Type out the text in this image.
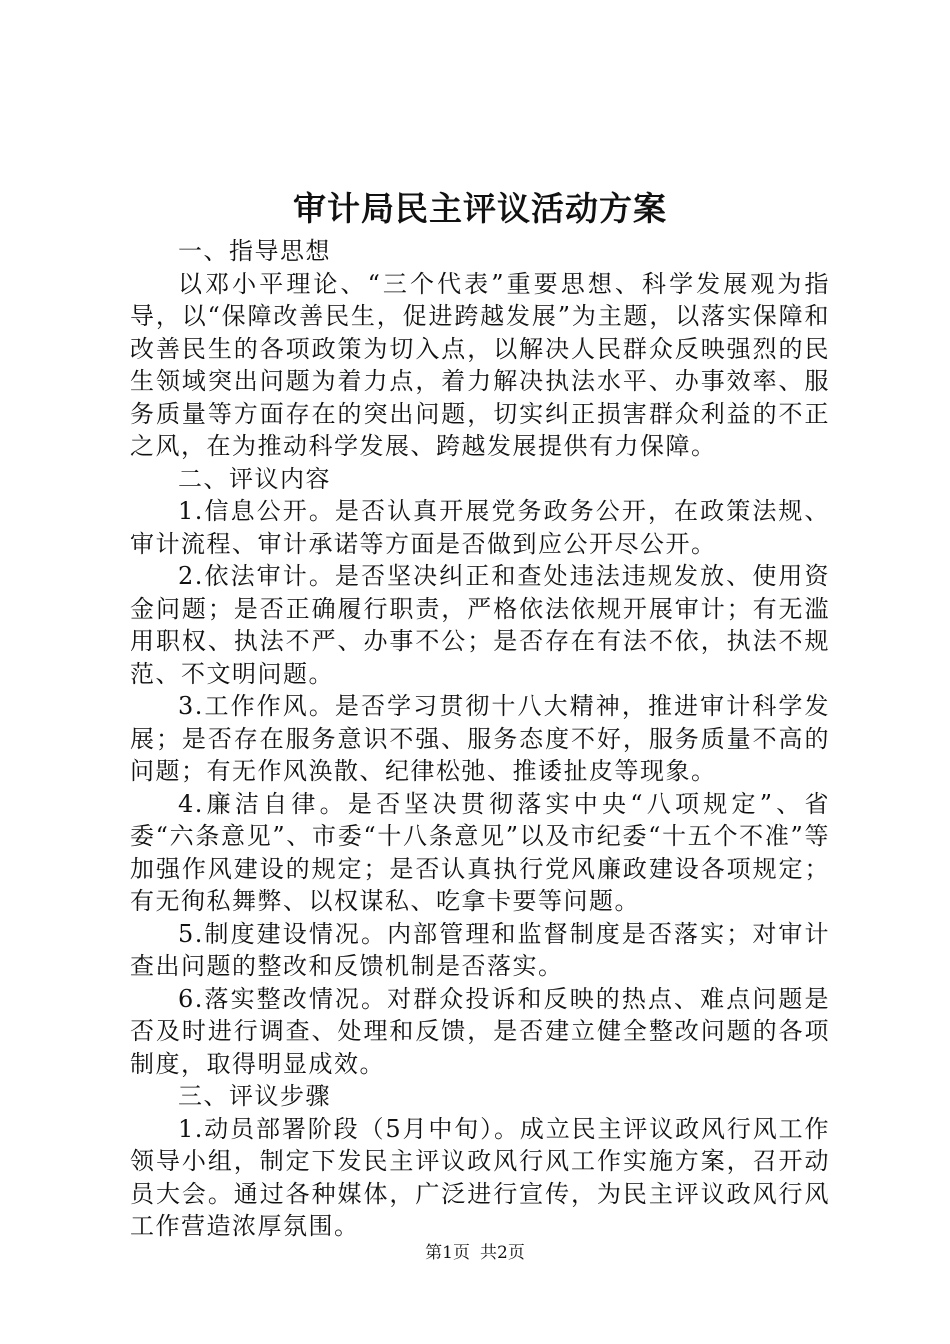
审计局民主评议活动方案

一、指导思想

以邓小平理论、“三个代表”重要思想、科学发展观为指导，以“保障改善民生，促进跨越发展”为主题，以落实保障和改善民生的各项政策为切入点，以解决人民群众反映强烈的民生领域突出问题为着力点，着力解决执法水平、办事效率、服务质量等方面存在的突出问题，切实纠正损害群众利益的不正之风，在为推动科学发展、跨越发展提供有力保障。

二、评议内容

1.信息公开。是否认真开展党务政务公开，在政策法规、审计流程、审计承诺等方面是否做到应公开尽公开。

2.依法审计。是否坚决纠正和查处违法违规发放、使用资金问题；是否正确履行职责，严格依法依规开展审计；有无滥用职权、执法不严、办事不公；是否存在有法不依，执法不规范、不文明问题。

3.工作作风。是否学习贯彻十八大精神，推进审计科学发展；是否存在服务意识不强、服务态度不好，服务质量不高的问题；有无作风涣散、纪律松弛、推诿扯皮等现象。

4.廉洁自律。是否坚决贯彻落实中央“八项规定”、省委“六条意见”、市委“十八条意见”以及市纪委“十五个不准”等加强作风建设的规定；是否认真执行党风廉政建设各项规定；有无徇私舞弊、以权谋私、吃拿卡要等问题。

5.制度建设情况。内部管理和监督制度是否落实；对审计查出问题的整改和反馈机制是否落实。

6.落实整改情况。对群众投诉和反映的热点、难点问题是否及时进行调查、处理和反馈，是否建立健全整改问题的各项制度，取得明显成效。

三、评议步骤

1.动员部署阶段（5月中旬）。成立民主评议政风行风工作领导小组，制定下发民主评议政风行风工作实施方案，召开动员大会。通过各种媒体，广泛进行宣传，为民主评议政风行风工作营造浓厚氛围。

第1页 共2页
